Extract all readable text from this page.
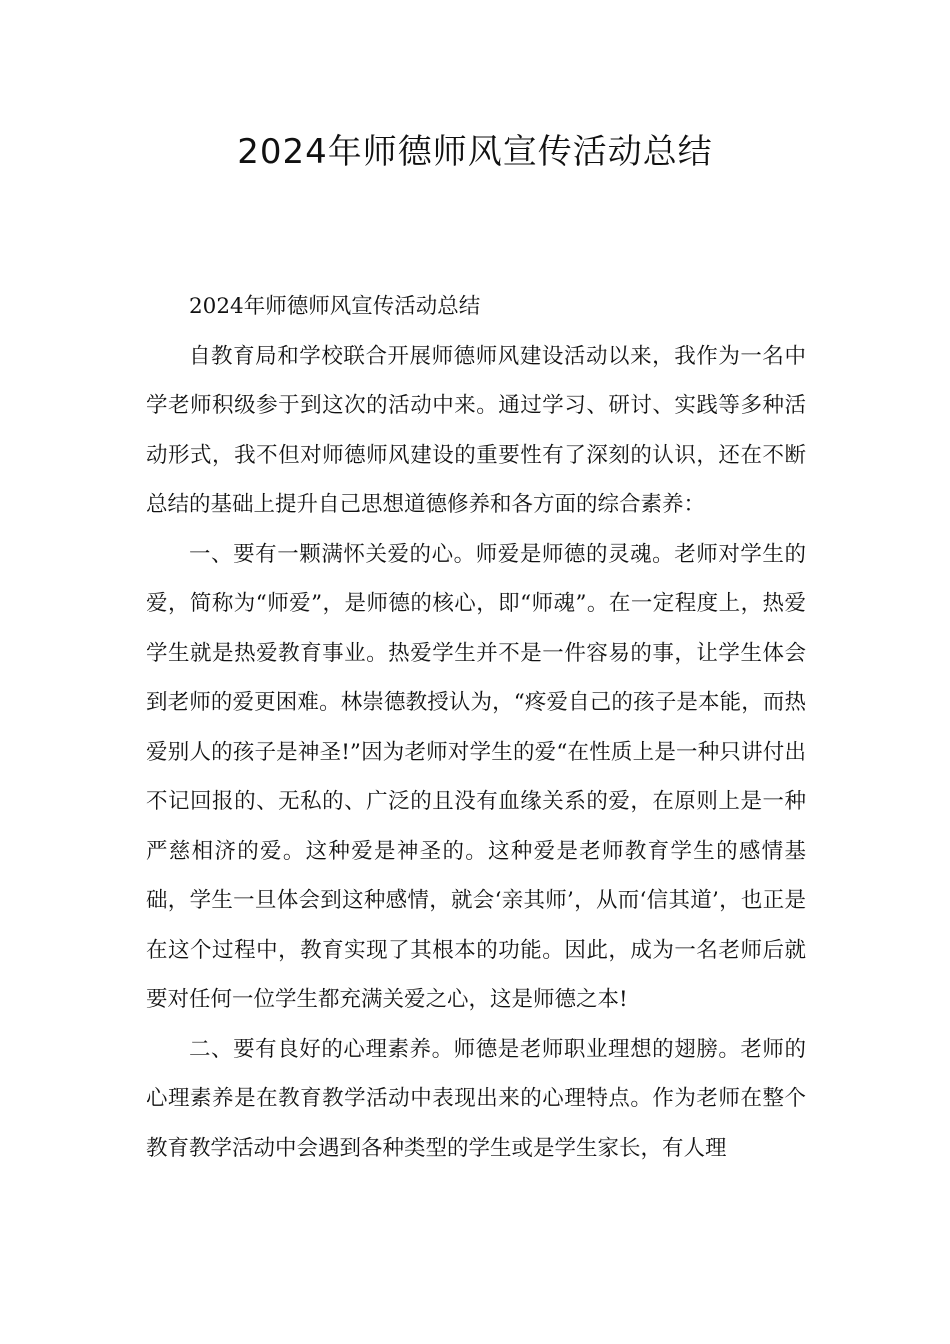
2024年师德师风宣传活动总结

2024年师德师风宣传活动总结

自教育局和学校联合开展师德师风建设活动以来，我作为一名中学老师积级参于到这次的活动中来。通过学习、研讨、实践等多种活动形式，我不但对师德师风建设的重要性有了深刻的认识，还在不断总结的基础上提升自己思想道德修养和各方面的综合素养：

一、要有一颗满怀关爱的心。师爱是师德的灵魂。老师对学生的爱，简称为“师爱”，是师德的核心，即“师魂”。在一定程度上，热爱学生就是热爱教育事业。热爱学生并不是一件容易的事，让学生体会到老师的爱更困难。林崇德教授认为，“疼爱自己的孩子是本能，而热爱别人的孩子是神圣!”因为老师对学生的爱“在性质上是一种只讲付出不记回报的、无私的、广泛的且没有血缘关系的爱，在原则上是一种严慈相济的爱。这种爱是神圣的。这种爱是老师教育学生的感情基础，学生一旦体会到这种感情，就会‘亲其师’，从而‘信其道’，也正是在这个过程中，教育实现了其根本的功能。因此，成为一名老师后就要对任何一位学生都充满关爱之心，这是师德之本!

二、要有良好的心理素养。师德是老师职业理想的翅膀。老师的心理素养是在教育教学活动中表现出来的心理特点。作为老师在整个教育教学活动中会遇到各种类型的学生或是学生家长，有人理
